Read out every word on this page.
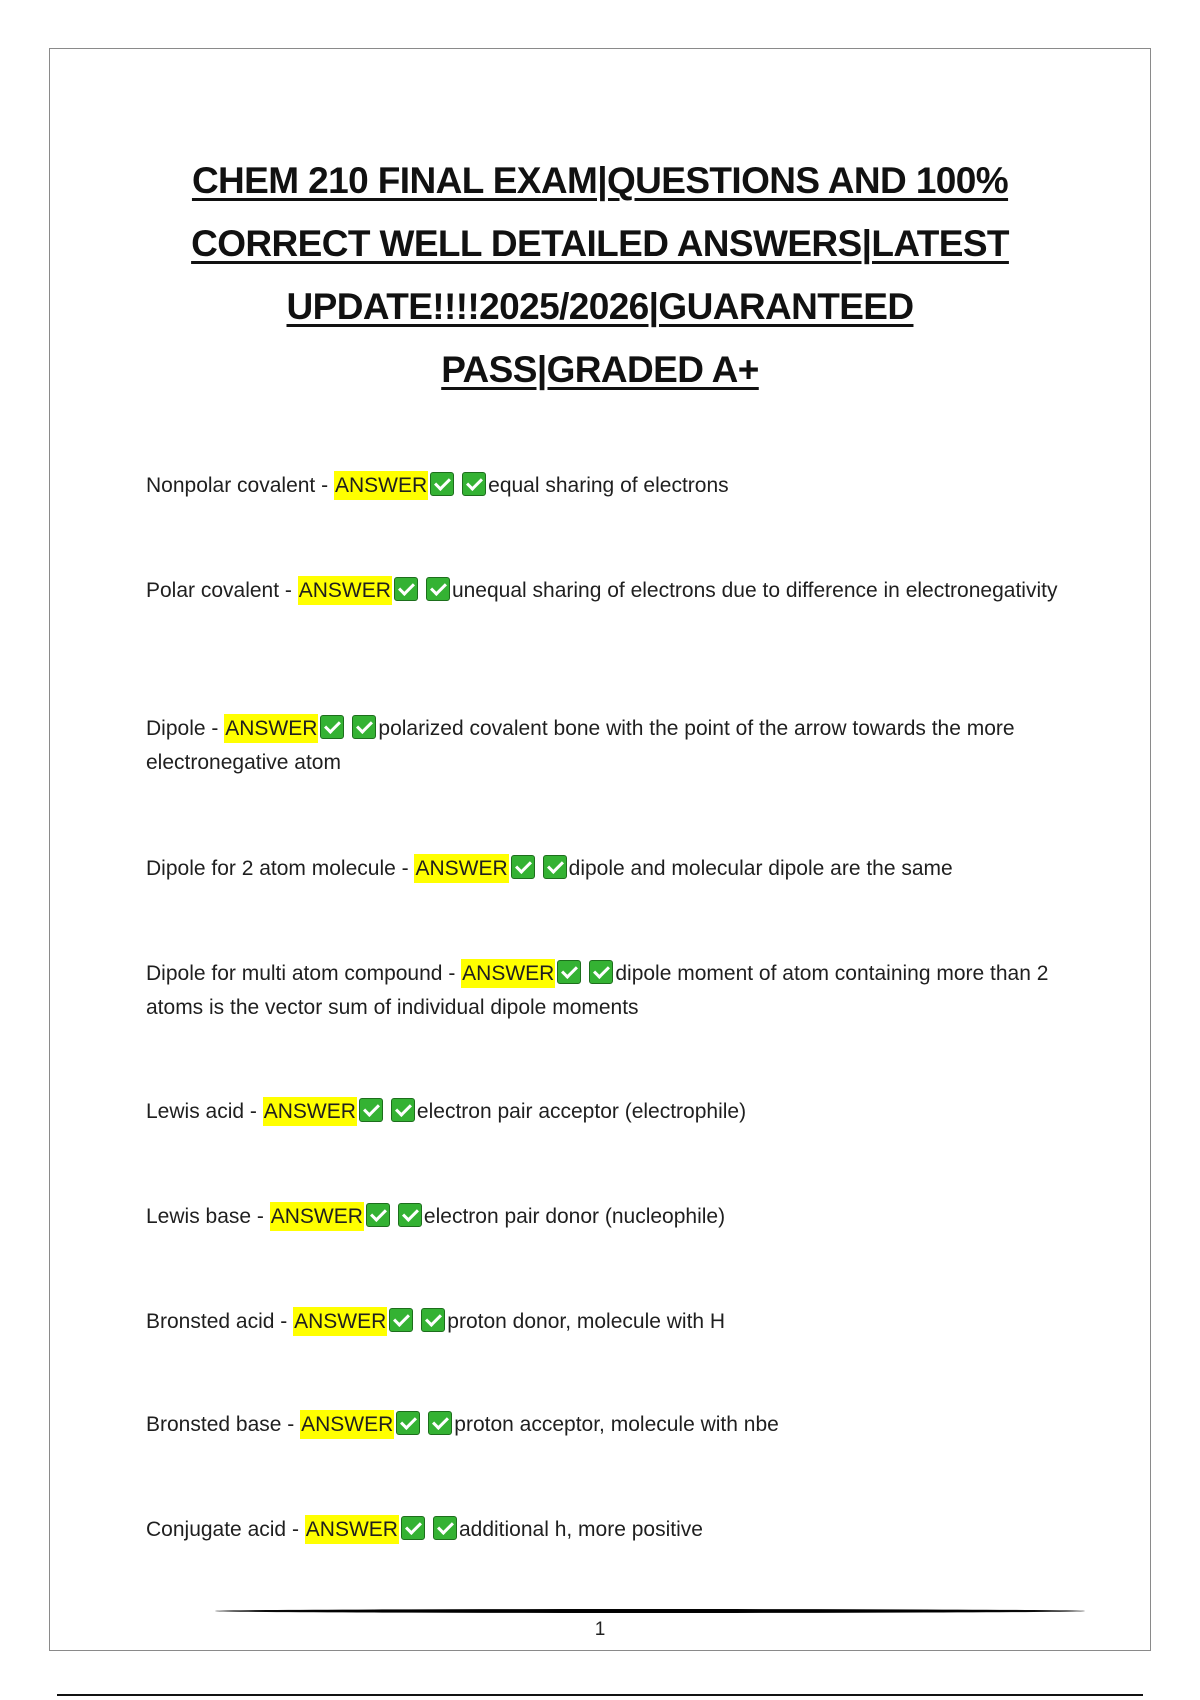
CHEM 210 FINAL EXAM|QUESTIONS AND 100%
CORRECT WELL DETAILED ANSWERS|LATEST
UPDATE!!!!2025/2026|GUARANTEED
PASS|GRADED A+
Nonpolar covalent - ANSWER	equal sharing of electrons
Polar covalent - ANSWER	unequal sharing of electrons due to difference in electronegativity
Dipole - ANSWER	polarized covalent bone with the point of the arrow towards the more electronegative atom
Dipole for 2 atom molecule - ANSWER	dipole and molecular dipole are the same
Dipole for multi atom compound - ANSWER	dipole moment of atom containing more than 2 atoms is the vector sum of individual dipole moments
Lewis acid - ANSWER	electron pair acceptor (electrophile)
Lewis base - ANSWER	electron pair donor (nucleophile)
Bronsted acid - ANSWER	proton donor, molecule with H
Bronsted base - ANSWER	proton acceptor, molecule with nbe
Conjugate acid - ANSWER	additional h, more positive
1
